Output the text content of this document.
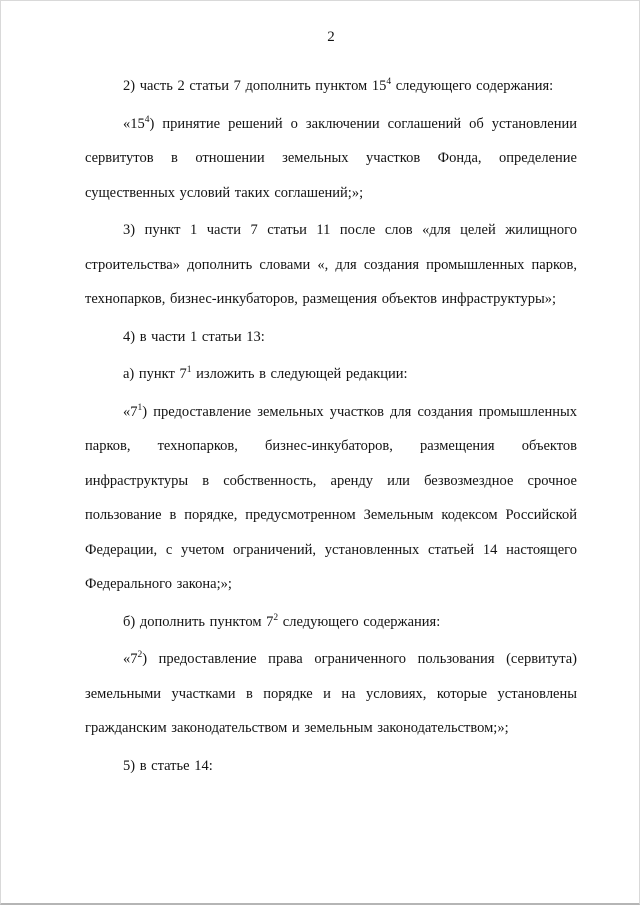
2

2) часть 2 статьи 7 дополнить пунктом $15^4$ следующего содержания:

«$15^4$) принятие решений о заключении соглашений об установлении сервитутов в отношении земельных участков Фонда, определение существенных условий таких соглашений;»;

3) пункт 1 части 7 статьи 11 после слов «для целей жилищного строительства» дополнить словами «, для создания промышленных парков, технопарков, бизнес-инкубаторов, размещения объектов инфраструктуры»;

4) в части 1 статьи 13:

а) пункт $7^1$ изложить в следующей редакции:

«$7^1$) предоставление земельных участков для создания промышленных парков, технопарков, бизнес-инкубаторов, размещения объектов инфраструктуры в собственность, аренду или безвозмездное срочное пользование в порядке, предусмотренном Земельным кодексом Российской Федерации, с учетом ограничений, установленных статьей 14 настоящего Федерального закона;»;

б) дополнить пунктом $7^2$ следующего содержания:

«$7^2$) предоставление права ограниченного пользования (сервитута) земельными участками в порядке и на условиях, которые установлены гражданским законодательством и земельным законодательством;»;

5) в статье 14:
